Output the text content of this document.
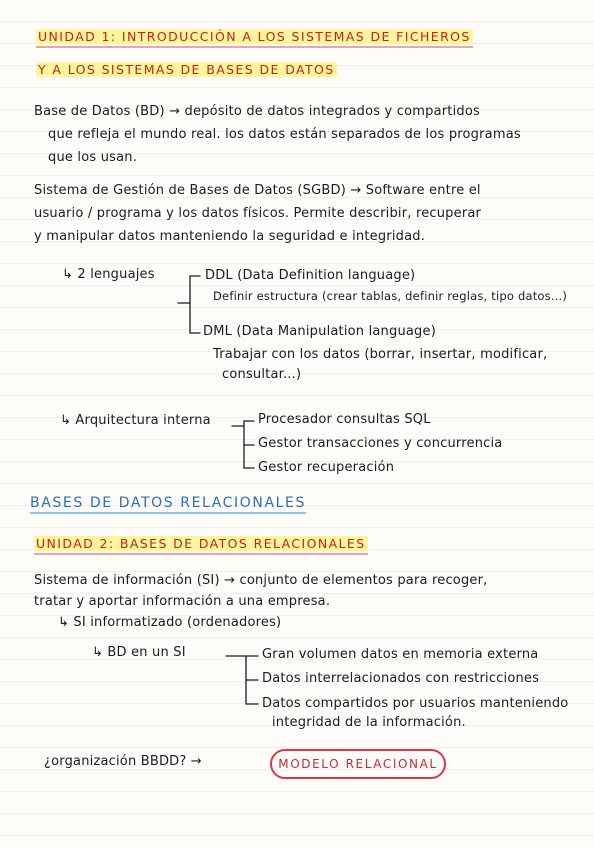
UNIDAD 1: INTRODUCCIÓN A LOS SISTEMAS DE FICHEROS
Y A LOS SISTEMAS DE BASES DE DATOS
Base de Datos (BD) → depósito de datos integrados y compartidos
que refleja el mundo real. los datos están separados de los programas
que los usan.
Sistema de Gestión de Bases de Datos (SGBD) → Software entre el
usuario / programa y los datos físicos. Permite describir, recuperar
y manipular datos manteniendo la seguridad e integridad.
↳ 2 lenguajes	DDL (Data Definition language)
Definir estructura (crear tablas, definir reglas, tipo datos...)
DML (Data Manipulation language)
Trabajar con los datos (borrar, insertar, modificar,
consultar...)
↳ Arquitectura interna	Procesador consultas SQL
Gestor transacciones y concurrencia
Gestor recuperación
BASES DE DATOS RELACIONALES
UNIDAD 2: BASES DE DATOS RELACIONALES
Sistema de información (SI) → conjunto de elementos para recoger,
tratar y aportar información a una empresa.
↳ SI informatizado (ordenadores)
↳ BD en un SI	Gran volumen datos en memoria externa
Datos interrelacionados con restricciones
Datos compartidos por usuarios manteniendo
integridad de la información.
¿organización BBDD? →	MODELO RELACIONAL
